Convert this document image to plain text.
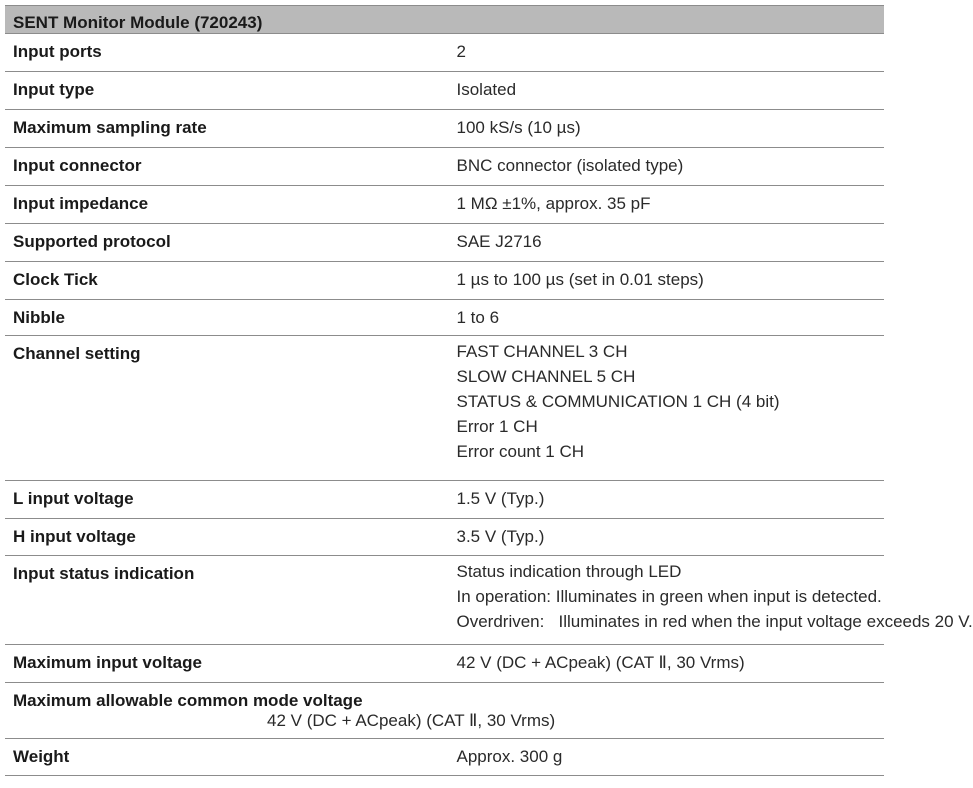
SENT Monitor Module (720243)	
Input ports	2
Input type	Isolated
Maximum sampling rate	100 kS/s (10 µs)
Input connector	BNC connector (isolated type)
Input impedance	1 MΩ ±1%, approx. 35 pF
Supported protocol	SAE J2716
Clock Tick	1 µs to 100 µs (set in 0.01 steps)
Nibble	1 to 6
Channel setting	FAST CHANNEL 3 CH
SLOW CHANNEL 5 CH
STATUS & COMMUNICATION 1 CH (4 bit)
Error 1 CH
Error count 1 CH

L input voltage	1.5 V (Typ.)
H input voltage	3.5 V (Typ.)
Input status indication	Status indication through LED
In operation: Illuminates in green when input is detected.
Overdriven:   Illuminates in red when the input voltage exceeds 20 V.

Maximum input voltage	42 V (DC + ACpeak) (CAT Ⅱ, 30 Vrms)

Maximum allowable common mode voltage
42 V (DC + ACpeak) (CAT Ⅱ, 30 Vrms)	

Weight	Approx. 300 g
